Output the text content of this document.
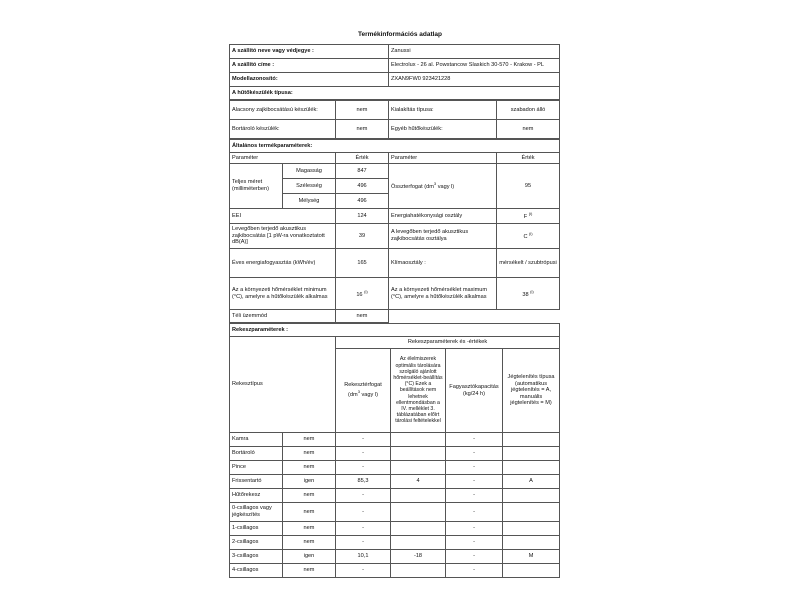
Termékinformációs adatlap
A szállító neve vagy védjegye :	Zanussi
A szállító címe :	Electrolux - 26 al. Powstancow Slaskich 30-570 - Krakow - PL
Modellazonosító:	ZXAN9FW0 923421228
A hűtőkészülék típusa:	
Alacsony zajkibocsátású készülék:	nem	Kialakítás típusa:	szabadon álló
Bortároló készülék:	nem	Egyéb hűtőkészülék:	nem
Általános termékparaméterek:				
Paraméter		Érték	Paraméter	Érték
Teljes méret (milliméterben)	Magasság	847	Összterfogat ($dm^3$ vagy l)	95
	Szélesség	496		
	Mélység	496		
EEI		124	Energiahatékonysági osztály	F $^{(i)}$
Levegőben terjedő akusztikus zajkibocsátás [1 pW-ra vonatkoztatott dB(A)]		39	A levegőben terjedő akusztikus zajkibocsátás osztálya	C $^{(i)}$
Éves energiafogyasztás (kWh/év)		165	Klímaosztály :	mérsékelt / szubtrópusi
Az a környezeti hőmérséklet minimum (°C), amelyre a hűtőkészülék alkalmas		16 $^{(i)}$	Az a környezeti hőmérséklet maximum (°C), amelyre a hűtőkészülék alkalmas	38 $^{(i)}$
Téli üzemmód		nem		
Rekeszparaméterek :					
Rekesztípus		Rekeszparaméterek és -értékek			
		Rekesztérfogat ($dm^3$ vagy l)	Az élelmiszerek optimális tárolására szolgáló ajánlott hőmérséklet-beállítás (°C) Ezek a beállítások nem lehetnek ellentmondásban a IV. melléklet 3. táblázatában előírt tárolási feltételekkel	Fagyasztókapacitás (kg/24 h)	Jégtelenítés típusa (automatikus jégtelenítés = A, manuális jégtelenítés = M)
Kamra	nem	-		-	
Bortároló	nem	-		-	
Pince	nem	-		-	
Frissentartó	igen	85,3	4	-	A
Hűtőrekesz	nem	-		-	
0-csillagos vagy jégkészítés	nem	-		-	
1-csillagos	nem	-		-	
2-csillagos	nem	-		-	
3-csillagos	igen	10,1	-18	-	M
4-csillagos	nem	-		-	
